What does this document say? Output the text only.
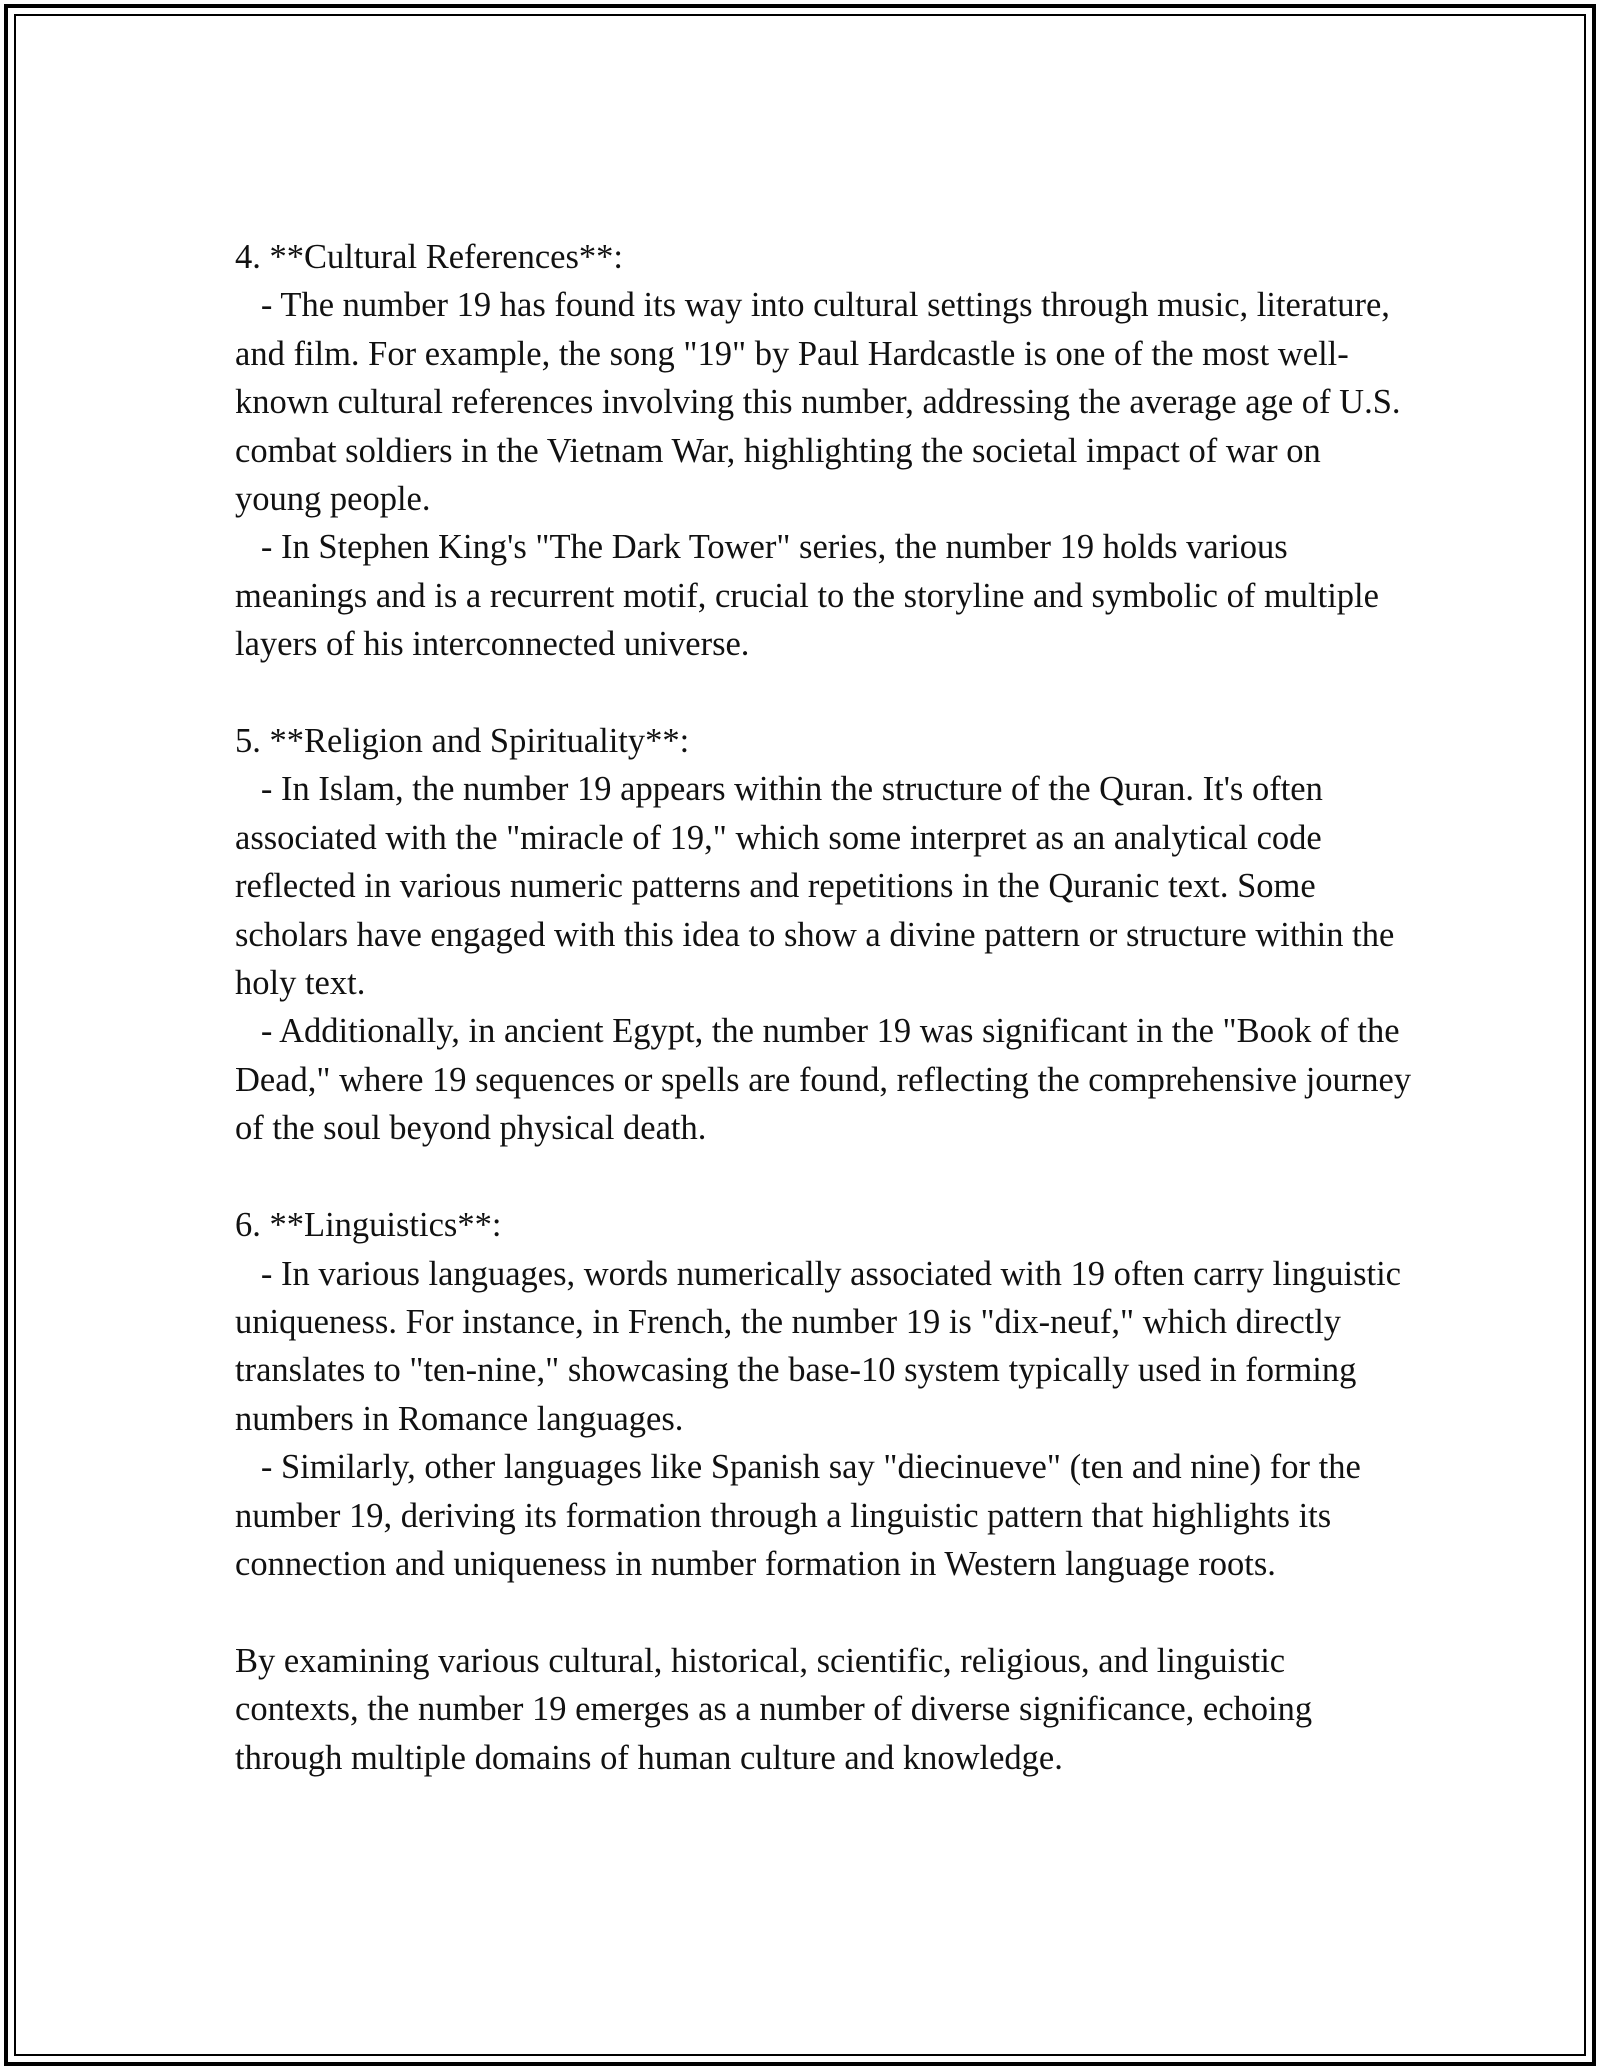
4. **Cultural References**:

- The number 19 has found its way into cultural settings through music, literature, and film. For example, the song "19" by Paul Hardcastle is one of the most well-known cultural references involving this number, addressing the average age of U.S. combat soldiers in the Vietnam War, highlighting the societal impact of war on young people.

- In Stephen King's "The Dark Tower" series, the number 19 holds various meanings and is a recurrent motif, crucial to the storyline and symbolic of multiple layers of his interconnected universe.

5. **Religion and Spirituality**:

- In Islam, the number 19 appears within the structure of the Quran. It's often associated with the "miracle of 19," which some interpret as an analytical code reflected in various numeric patterns and repetitions in the Quranic text. Some scholars have engaged with this idea to show a divine pattern or structure within the holy text.

- Additionally, in ancient Egypt, the number 19 was significant in the "Book of the Dead," where 19 sequences or spells are found, reflecting the comprehensive journey of the soul beyond physical death.

6. **Linguistics**:

- In various languages, words numerically associated with 19 often carry linguistic uniqueness. For instance, in French, the number 19 is "dix-neuf," which directly translates to "ten-nine," showcasing the base-10 system typically used in forming numbers in Romance languages.

- Similarly, other languages like Spanish say "diecinueve" (ten and nine) for the number 19, deriving its formation through a linguistic pattern that highlights its connection and uniqueness in number formation in Western language roots.

By examining various cultural, historical, scientific, religious, and linguistic contexts, the number 19 emerges as a number of diverse significance, echoing through multiple domains of human culture and knowledge.
